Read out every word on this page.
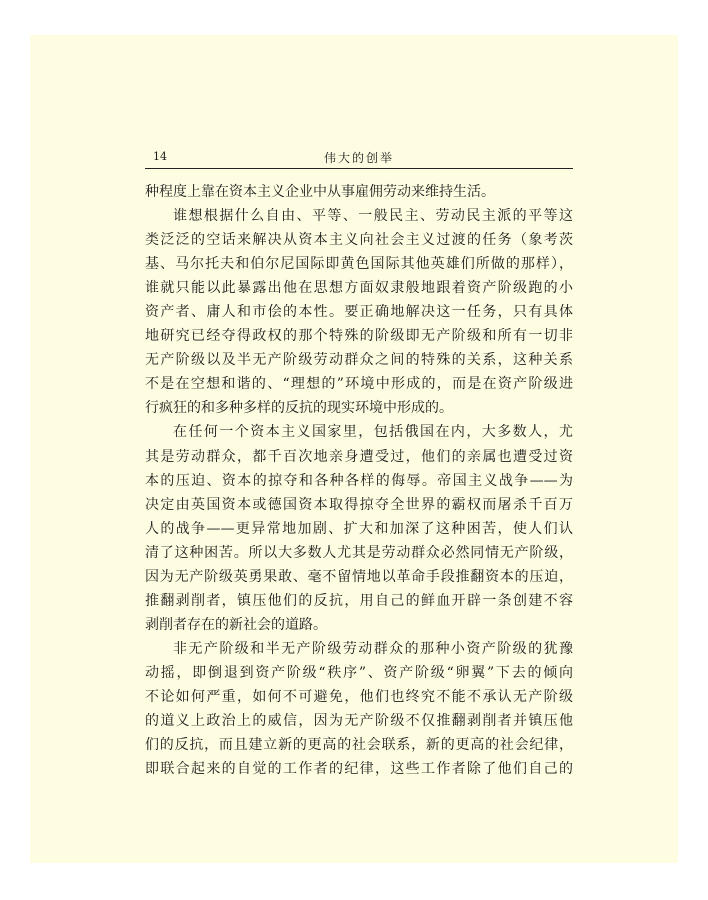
14	伟大的创举
种程度上靠在资本主义企业中从事雇佣劳动来维持生活。
谁想根据什么自由、平等、一般民主、劳动民主派的平等这
类泛泛的空话来解决从资本主义向社会主义过渡的任务（象考茨
基、马尔托夫和伯尔尼国际即黄色国际其他英雄们所做的那样），
谁就只能以此暴露出他在思想方面奴隶般地跟着资产阶级跑的小
资产者、庸人和市侩的本性。要正确地解决这一任务，只有具体
地研究已经夺得政权的那个特殊的阶级即无产阶级和所有一切非
无产阶级以及半无产阶级劳动群众之间的特殊的关系，这种关系
不是在空想和谐的、“理想的”环境中形成的，而是在资产阶级进
行疯狂的和多种多样的反抗的现实环境中形成的。
在任何一个资本主义国家里，包括俄国在内，大多数人，尤
其是劳动群众，都千百次地亲身遭受过，他们的亲属也遭受过资
本的压迫、资本的掠夺和各种各样的侮辱。帝国主义战争——为
决定由英国资本或德国资本取得掠夺全世界的霸权而屠杀千百万
人的战争——更异常地加剧、扩大和加深了这种困苦，使人们认
清了这种困苦。所以大多数人尤其是劳动群众必然同情无产阶级，
因为无产阶级英勇果敢、毫不留情地以革命手段推翻资本的压迫，
推翻剥削者，镇压他们的反抗，用自己的鲜血开辟一条创建不容
剥削者存在的新社会的道路。
非无产阶级和半无产阶级劳动群众的那种小资产阶级的犹豫
动摇，即倒退到资产阶级“秩序”、资产阶级“卵翼”下去的倾向
不论如何严重，如何不可避免，他们也终究不能不承认无产阶级
的道义上政治上的威信，因为无产阶级不仅推翻剥削者并镇压他
们的反抗，而且建立新的更高的社会联系，新的更高的社会纪律，
即联合起来的自觉的工作者的纪律，这些工作者除了他们自己的
